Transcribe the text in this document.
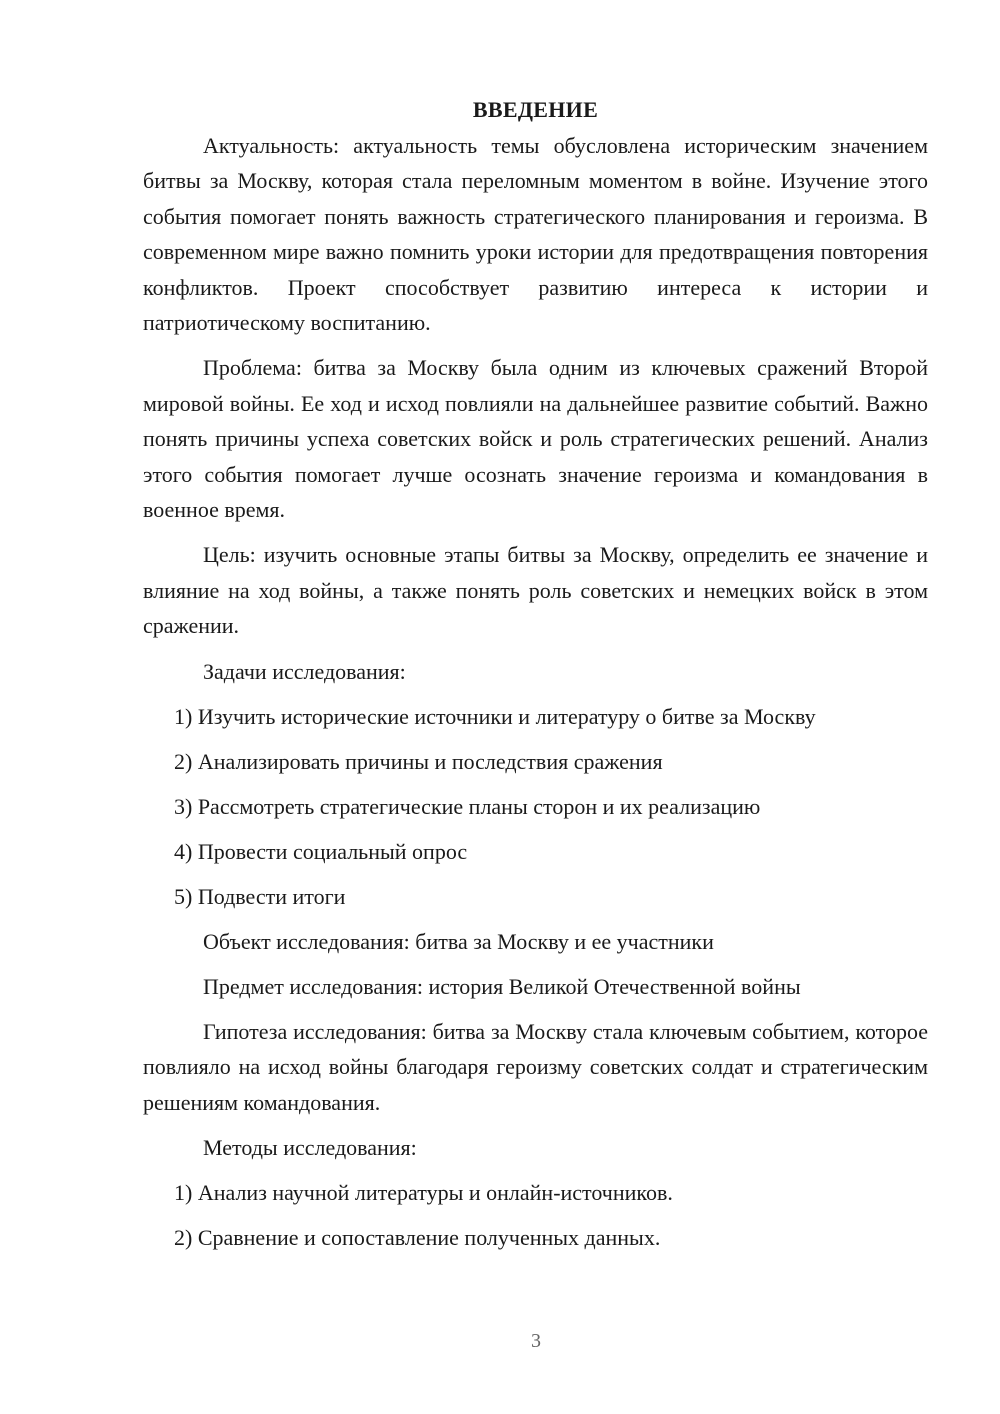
ВВЕДЕНИЕ

Актуальность: актуальность темы обусловлена историческим значением битвы за Москву, которая стала переломным моментом в войне. Изучение этого события помогает понять важность стратегического планирования и героизма. В современном мире важно помнить уроки истории для предотвращения повторения конфликтов. Проект способствует развитию интереса к истории и патриотическому воспитанию.

Проблема: битва за Москву была одним из ключевых сражений Второй мировой войны. Ее ход и исход повлияли на дальнейшее развитие событий. Важно понять причины успеха советских войск и роль стратегических решений. Анализ этого события помогает лучше осознать значение героизма и командования в военное время.

Цель: изучить основные этапы битвы за Москву, определить ее значение и влияние на ход войны, а также понять роль советских и немецких войск в этом сражении.

Задачи исследования:

1) Изучить исторические источники и литературу о битве за Москву

2) Анализировать причины и последствия сражения

3) Рассмотреть стратегические планы сторон и их реализацию

4) Провести социальный опрос

5) Подвести итоги

Объект исследования: битва за Москву и ее участники

Предмет исследования: история Великой Отечественной войны

Гипотеза исследования: битва за Москву стала ключевым событием, которое повлияло на исход войны благодаря героизму советских солдат и стратегическим решениям командования.

Методы исследования:

1) Анализ научной литературы и онлайн-источников.

2) Сравнение и сопоставление полученных данных.

3
